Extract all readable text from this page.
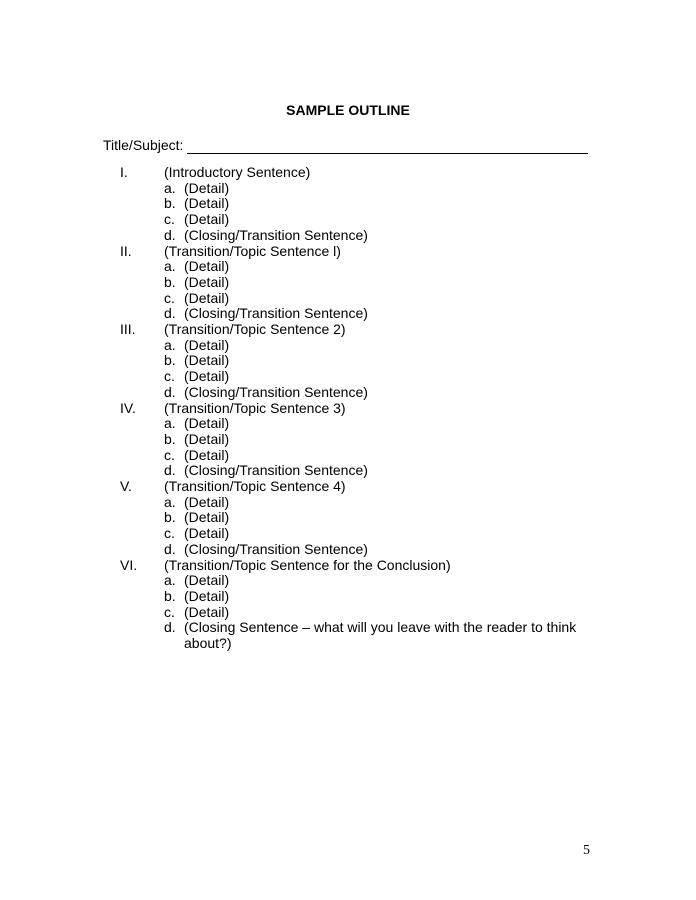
SAMPLE OUTLINE
Title/Subject:
I.	(Introductory Sentence)
a. (Detail)
b. (Detail)
c. (Detail)
d. (Closing/Transition Sentence)
II.	(Transition/Topic Sentence l)
a. (Detail)
b. (Detail)
c. (Detail)
d. (Closing/Transition Sentence)
III.	(Transition/Topic Sentence 2)
a. (Detail)
b. (Detail)
c. (Detail)
d. (Closing/Transition Sentence)
IV.	(Transition/Topic Sentence 3)
a. (Detail)
b. (Detail)
c. (Detail)
d. (Closing/Transition Sentence)
V.	(Transition/Topic Sentence 4)
a. (Detail)
b. (Detail)
c. (Detail)
d. (Closing/Transition Sentence)
VI.	(Transition/Topic Sentence for the Conclusion)
a. (Detail)
b. (Detail)
c. (Detail)
d. (Closing Sentence – what will you leave with the reader to think about?)
5
